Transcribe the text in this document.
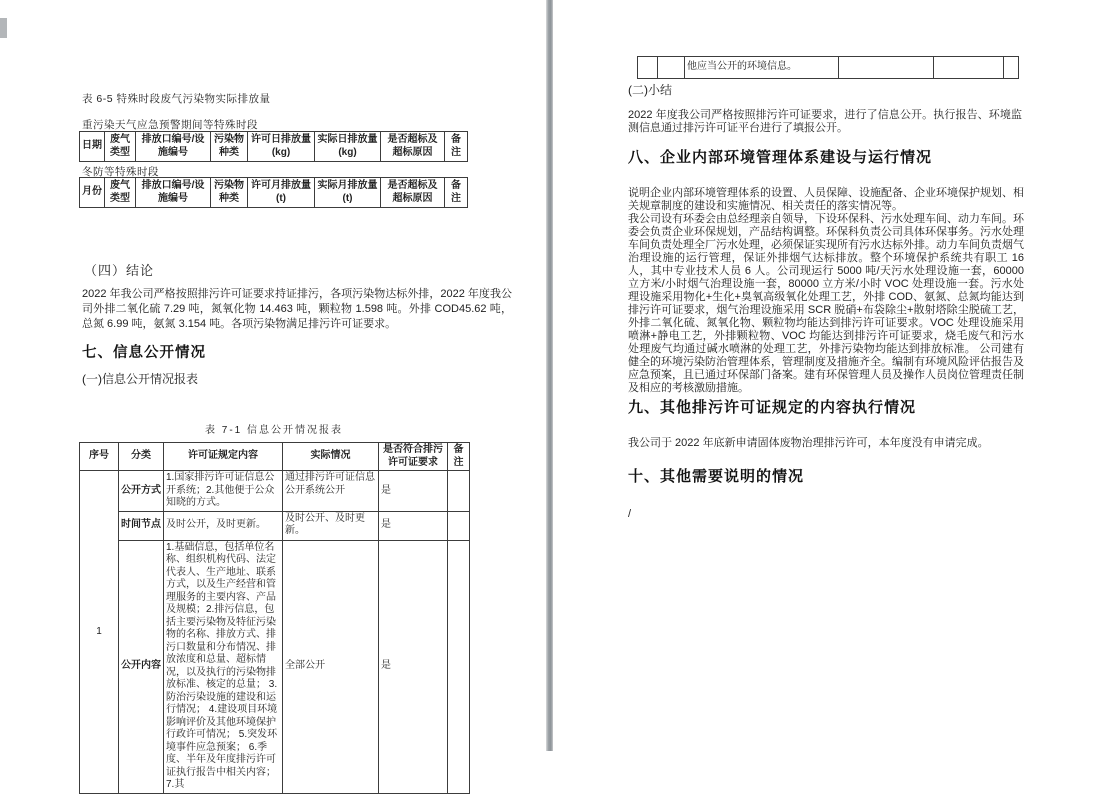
表 6-5 特殊时段废气污染物实际排放量
重污染天气应急预警期间等特殊时段
日期	废气类型	排放口编号/设施编号	污染物种类	许可日排放量(kg)	实际日排放量(kg)	是否超标及超标原因	备注
冬防等特殊时段
月份	废气类型	排放口编号/设施编号	污染物种类	许可月排放量(t)	实际月排放量(t)	是否超标及超标原因	备注
（四）结论
2022 年我公司严格按照排污许可证要求持证排污，各项污染物达标外排，2022 年度我公司外排二氧化硫 7.29 吨，氮氧化物 14.463 吨，颗粒物 1.598 吨。外排 COD45.62 吨，总氮 6.99 吨，氨氮 3.154 吨。各项污染物满足排污许可证要求。
七、信息公开情况
(一)信息公开情况报表
表 7-1 信息公开情况报表
序号	分类	许可证规定内容	实际情况	是否符合排污许可证要求	备注
1	公开方式	1.国家排污许可证信息公开系统；2.其他便于公众知晓的方式。	通过排污许可证信息公开系统公开	是	
	时间节点	及时公开，及时更新。	及时公开、及时更新。	是	
	公开内容	1.基础信息，包括单位名称、组织机构代码、法定代表人、生产地址、联系方式，以及生产经营和管理服务的主要内容、产品及规模；2.排污信息，包括主要污染物及特征污染物的名称、排放方式、排污口数量和分布情况、排放浓度和总量、超标情况，以及执行的污染物排放标准、核定的总量； 3.防治污染设施的建设和运行情况； 4.建设项目环境影响评价及其他环境保护行政许可情况； 5.突发环境事件应急预案； 6.季度、半年及年度排污许可证执行报告中相关内容； 7.其	全部公开	是	
		他应当公开的环境信息。			
(二)小结
2022 年度我公司严格按照排污许可证要求，进行了信息公开。执行报告、环境监测信息通过排污许可证平台进行了填报公开。
八、企业内部环境管理体系建设与运行情况

说明企业内部环境管理体系的设置、人员保障、设施配备、企业环境保护规划、相关规章制度的建设和实施情况、相关责任的落实情况等。

我公司设有环委会由总经理亲自领导，下设环保科、污水处理车间、动力车间。环委会负责企业环保规划，产品结构调整。环保科负责公司具体环保事务。污水处理车间负责处理全厂污水处理，必须保证实现所有污水达标外排。动力车间负责烟气治理设施的运行管理，保证外排烟气达标排放。整个环境保护系统共有职工 16 人，其中专业技术人员 6 人。公司现运行 5000 吨/天污水处理设施一套，60000 立方米/小时烟气治理设施一套，80000 立方米/小时 VOC 处理设施一套。污水处理设施采用物化+生化+臭氧高级氧化处理工艺，外排 COD、氨氮、总氮均能达到排污许可证要求，烟气治理设施采用 SCR 脱硝+布袋除尘+散射塔除尘脱硫工艺，外排二氧化硫、氮氧化物、颗粒物均能达到排污许可证要求。VOC 处理设施采用喷淋+静电工艺，外排颗粒物、VOC 均能达到排污许可证要求，烧毛废气和污水处理废气均通过碱水喷淋的处理工艺，外排污染物均能达到排放标准。 公司建有健全的环境污染防治管理体系，管理制度及措施齐全。编制有环境风险评估报告及应急预案，且已通过环保部门备案。建有环保管理人员及操作人员岗位管理责任制及相应的考核激励措施。

九、其他排污许可证规定的内容执行情况
我公司于 2022 年底新申请固体废物治理排污许可，本年度没有申请完成。
十、其他需要说明的情况
/
